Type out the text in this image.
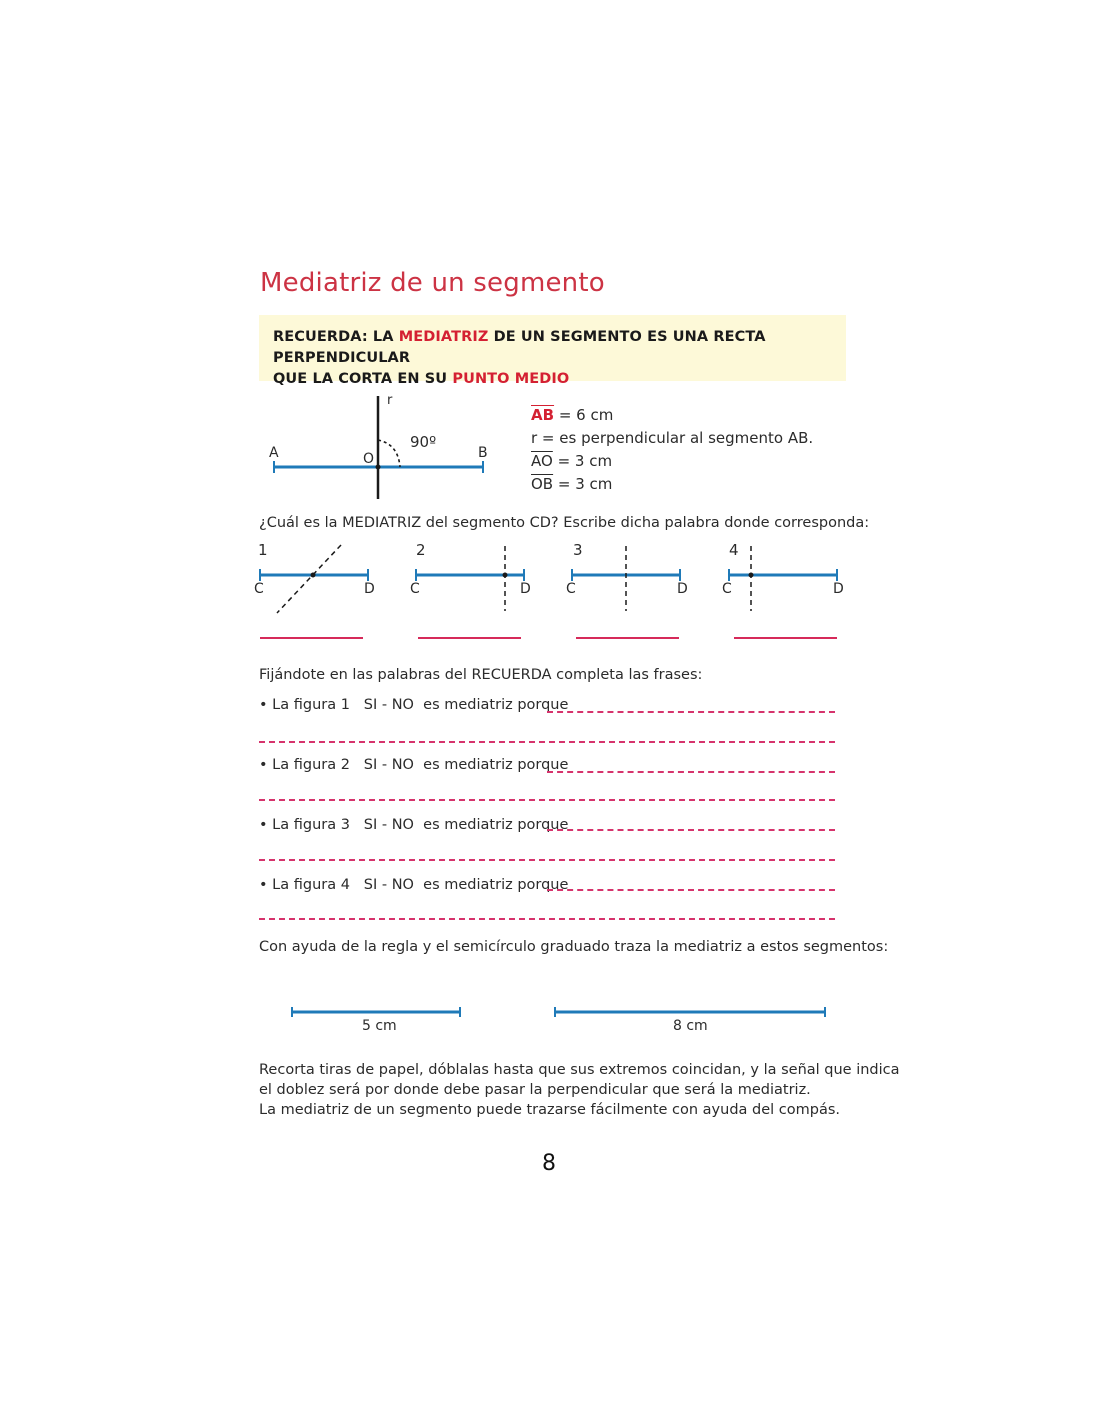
Mediatriz de un segmento
RECUERDA: LA MEDIATRIZ DE UN SEGMENTO ES UNA RECTA PERPENDICULAR
QUE LA CORTA EN SU PUNTO MEDIO
r
A	B
O
90º
$\overline{AB} = 6$ cm
r = es perpendicular al segmento AB.
$\overline{AO} = 3$ cm
$\overline{OB} = 3$ cm
¿Cuál es la MEDIATRIZ del segmento CD? Escribe dicha palabra donde corresponda:
1	2	3	4
C	D	C	D	C	D C	D
Fijándote en las palabras del RECUERDA completa las frases:
• La figura 1   SI - NO  es mediatriz porque
• La figura 2   SI - NO  es mediatriz porque
• La figura 3   SI - NO  es mediatriz porque
• La figura 4   SI - NO  es mediatriz porque
Con ayuda de la regla y el semicírculo graduado traza la mediatriz a estos segmentos:
5 cm	8 cm
Recorta tiras de papel, dóblalas hasta que sus extremos coincidan, y la señal que indica
el doblez será por donde debe pasar la perpendicular que será la mediatriz.
La mediatriz de un segmento puede trazarse fácilmente con ayuda del compás.
8
